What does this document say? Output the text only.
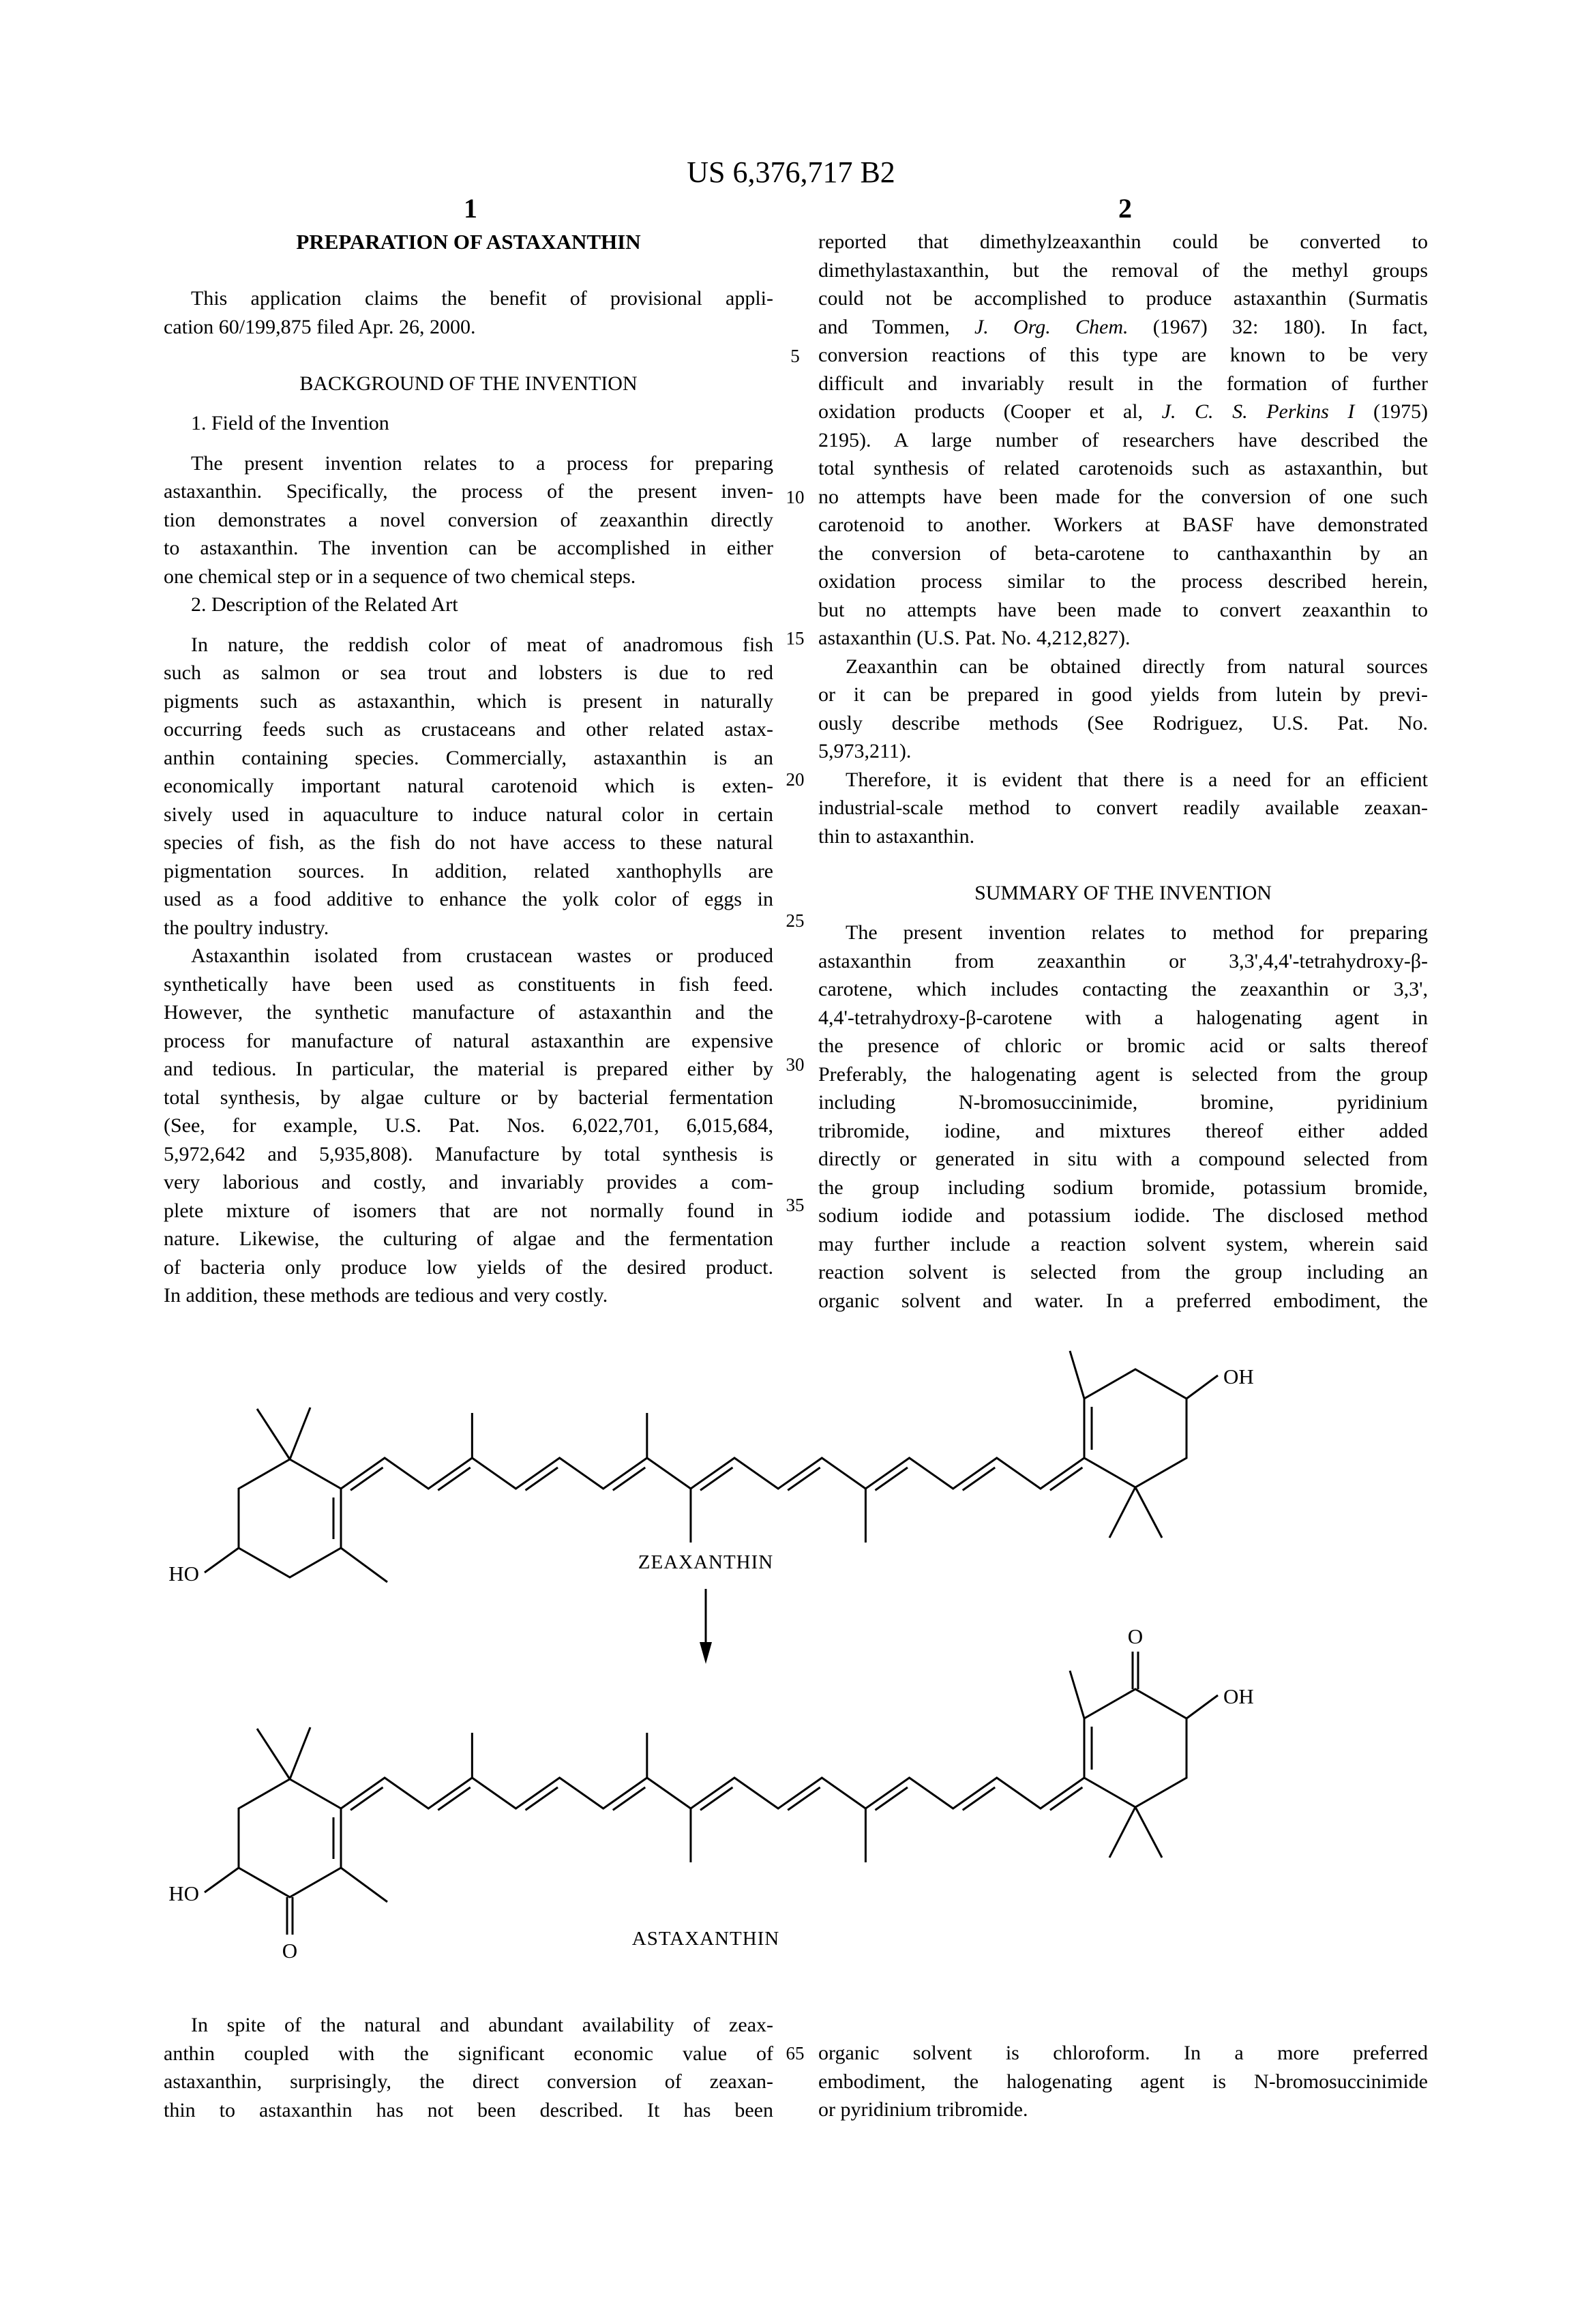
US 6,376,717 B2
1	2
PREPARATION OF ASTAXANTHIN
This application claims the benefit of provisional appli-
cation 60/199,875 filed Apr. 26, 2000.
BACKGROUND OF THE INVENTION
1. Field of the Invention
The present invention relates to a process for preparing
astaxanthin. Specifically, the process of the present inven-
tion demonstrates a novel conversion of zeaxanthin directly
to astaxanthin. The invention can be accomplished in either
one chemical step or in a sequence of two chemical steps.
2. Description of the Related Art
In nature, the reddish color of meat of anadromous fish
such as salmon or sea trout and lobsters is due to red
pigments such as astaxanthin, which is present in naturally
occurring feeds such as crustaceans and other related astax-
anthin containing species. Commercially, astaxanthin is an
economically important natural carotenoid which is exten-
sively used in aquaculture to induce natural color in certain
species of fish, as the fish do not have access to these natural
pigmentation sources. In addition, related xanthophylls are
used as a food additive to enhance the yolk color of eggs in
the poultry industry.
Astaxanthin isolated from crustacean wastes or produced
synthetically have been used as constituents in fish feed.
However, the synthetic manufacture of astaxanthin and the
process for manufacture of natural astaxanthin are expensive
and tedious. In particular, the material is prepared either by
total synthesis, by algae culture or by bacterial fermentation
(See, for example, U.S. Pat. Nos. 6,022,701, 6,015,684,
5,972,642 and 5,935,808). Manufacture by total synthesis is
very laborious and costly, and invariably provides a com-
plete mixture of isomers that are not normally found in
nature. Likewise, the culturing of algae and the fermentation
of bacteria only produce low yields of the desired product.
In addition, these methods are tedious and very costly.
reported that dimethylzeaxanthin could be converted to
dimethylastaxanthin, but the removal of the methyl groups
could not be accomplished to produce astaxanthin (Surmatis
and Tommen, J. Org. Chem. (1967) 32: 180). In fact,
conversion reactions of this type are known to be very
difficult and invariably result in the formation of further
oxidation products (Cooper et al, J. C. S. Perkins I (1975)
2195). A large number of researchers have described the
total synthesis of related carotenoids such as astaxanthin, but
no attempts have been made for the conversion of one such
carotenoid to another. Workers at BASF have demonstrated
the conversion of beta-carotene to canthaxanthin by an
oxidation process similar to the process described herein,
but no attempts have been made to convert zeaxanthin to
astaxanthin (U.S. Pat. No. 4,212,827).
Zeaxanthin can be obtained directly from natural sources
or it can be prepared in good yields from lutein by previ-
ously describe methods (See Rodriguez, U.S. Pat. No.
5,973,211).
Therefore, it is evident that there is a need for an efficient
industrial-scale method to convert readily available zeaxan-
thin to astaxanthin.
SUMMARY OF THE INVENTION
The present invention relates to method for preparing
astaxanthin from zeaxanthin or 3,3',4,4'-tetrahydroxy-β-
carotene, which includes contacting the zeaxanthin or 3,3',
4,4'-tetrahydroxy-β-carotene with a halogenating agent in
the presence of chloric or bromic acid or salts thereof
Preferably, the halogenating agent is selected from the group
including N-bromosuccinimide, bromine, pyridinium
tribromide, iodine, and mixtures thereof either added
directly or generated in situ with a compound selected from
the group including sodium bromide, potassium bromide,
sodium iodide and potassium iodide. The disclosed method
may further include a reaction solvent system, wherein said
reaction solvent is selected from the group including an
organic solvent and water. In a preferred embodiment, the
In spite of the natural and abundant availability of zeax-
anthin coupled with the significant economic value of
astaxanthin, surprisingly, the direct conversion of zeaxan-
thin to astaxanthin has not been described. It has been
organic solvent is chloroform. In a more preferred
embodiment, the halogenating agent is N-bromosuccinimide
or pyridinium tribromide.
5
10
15
20
25
30
35
65
HO
OH
ZEAXANTHIN
HO
O
OH
O
ASTAXANTHIN
